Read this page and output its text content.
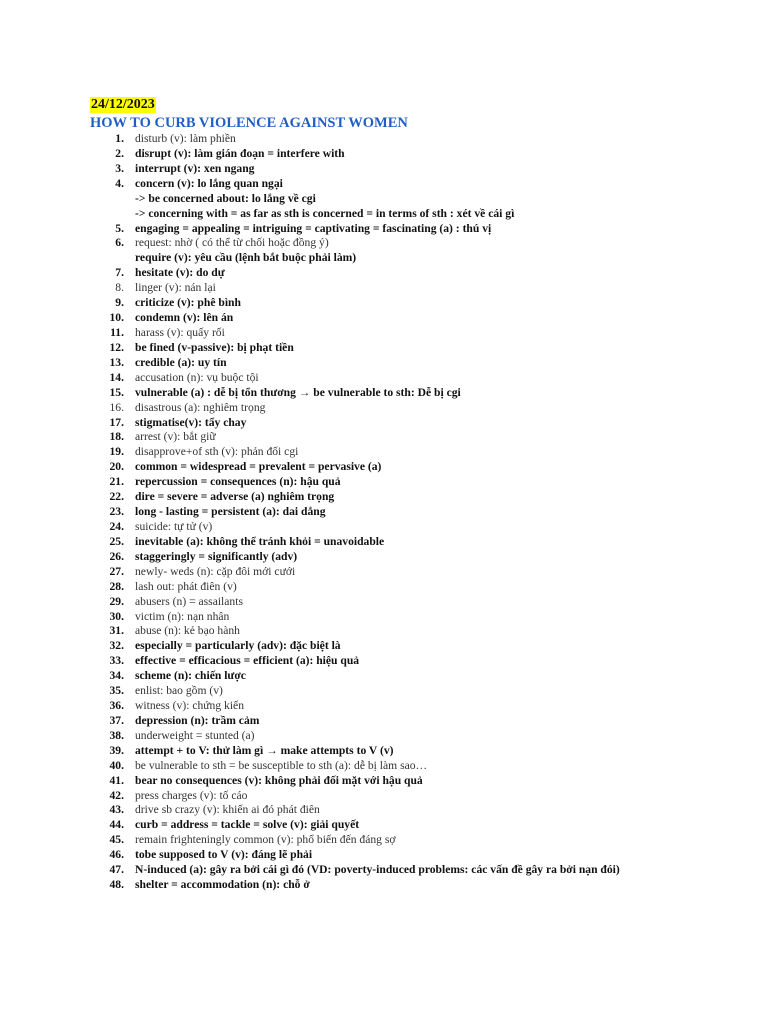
24/12/2023
HOW TO CURB VIOLENCE AGAINST WOMEN
1. disturb (v): làm phiền
2. disrupt (v): làm gián đoạn = interfere with
3. interrupt (v): xen ngang
4. concern (v): lo lắng quan ngại
-> be concerned about: lo lắng về cgi
-> concerning with = as far as sth is concerned = in terms of sth : xét về cái gì
5. engaging = appealing = intriguing = captivating = fascinating (a) : thú vị
6. request: nhờ ( có thể từ chối hoặc đồng ý)
require (v): yêu cầu (lệnh bắt buộc phải làm)
7. hesitate (v): do dự
8. linger (v): nán lại
9. criticize (v): phê bình
10. condemn (v): lên án
11. harass (v): quấy rối
12. be fined (v-passive): bị phạt tiền
13. credible (a): uy tín
14. accusation (n): vụ buộc tội
15. vulnerable (a) : dễ bị tổn thương → be vulnerable to sth: Dễ bị cgi
16. disastrous (a): nghiêm trọng
17. stigmatise(v): tẩy chay
18. arrest (v): bắt giữ
19. disapprove+of sth (v): phản đối cgi
20. common = widespread = prevalent = pervasive (a)
21. repercussion = consequences (n): hậu quả
22. dire = severe = adverse (a) nghiêm trọng
23. long - lasting = persistent (a): dai dẳng
24. suicide: tự tử (v)
25. inevitable (a): không thể tránh khỏi = unavoidable
26. staggeringly = significantly (adv)
27. newly- weds (n): cặp đôi mới cưới
28. lash out: phát điên (v)
29. abusers (n) = assailants
30. victim (n): nạn nhân
31. abuse (n): kẻ bạo hành
32. especially = particularly (adv): đặc biệt là
33. effective = efficacious = efficient (a): hiệu quả
34. scheme (n): chiến lược
35. enlist: bao gồm (v)
36. witness (v): chứng kiến
37. depression (n): trầm cảm
38. underweight = stunted (a)
39. attempt + to V: thử làm gì → make attempts to V (v)
40. be vulnerable to sth = be susceptible to sth (a): dễ bị làm sao…
41. bear no consequences (v): không phải đối mặt với hậu quả
42. press charges (v): tố cáo
43. drive sb crazy (v): khiến ai đó phát điên
44. curb = address = tackle = solve (v): giải quyết
45. remain frighteningly common (v): phổ biến đến đáng sợ
46. tobe supposed to V (v): đáng lẽ phải
47. N-induced (a): gây ra bởi cái gì đó (VD: poverty-induced problems: các vấn đề gây ra bởi nạn đói)
48. shelter = accommodation (n): chỗ ở
